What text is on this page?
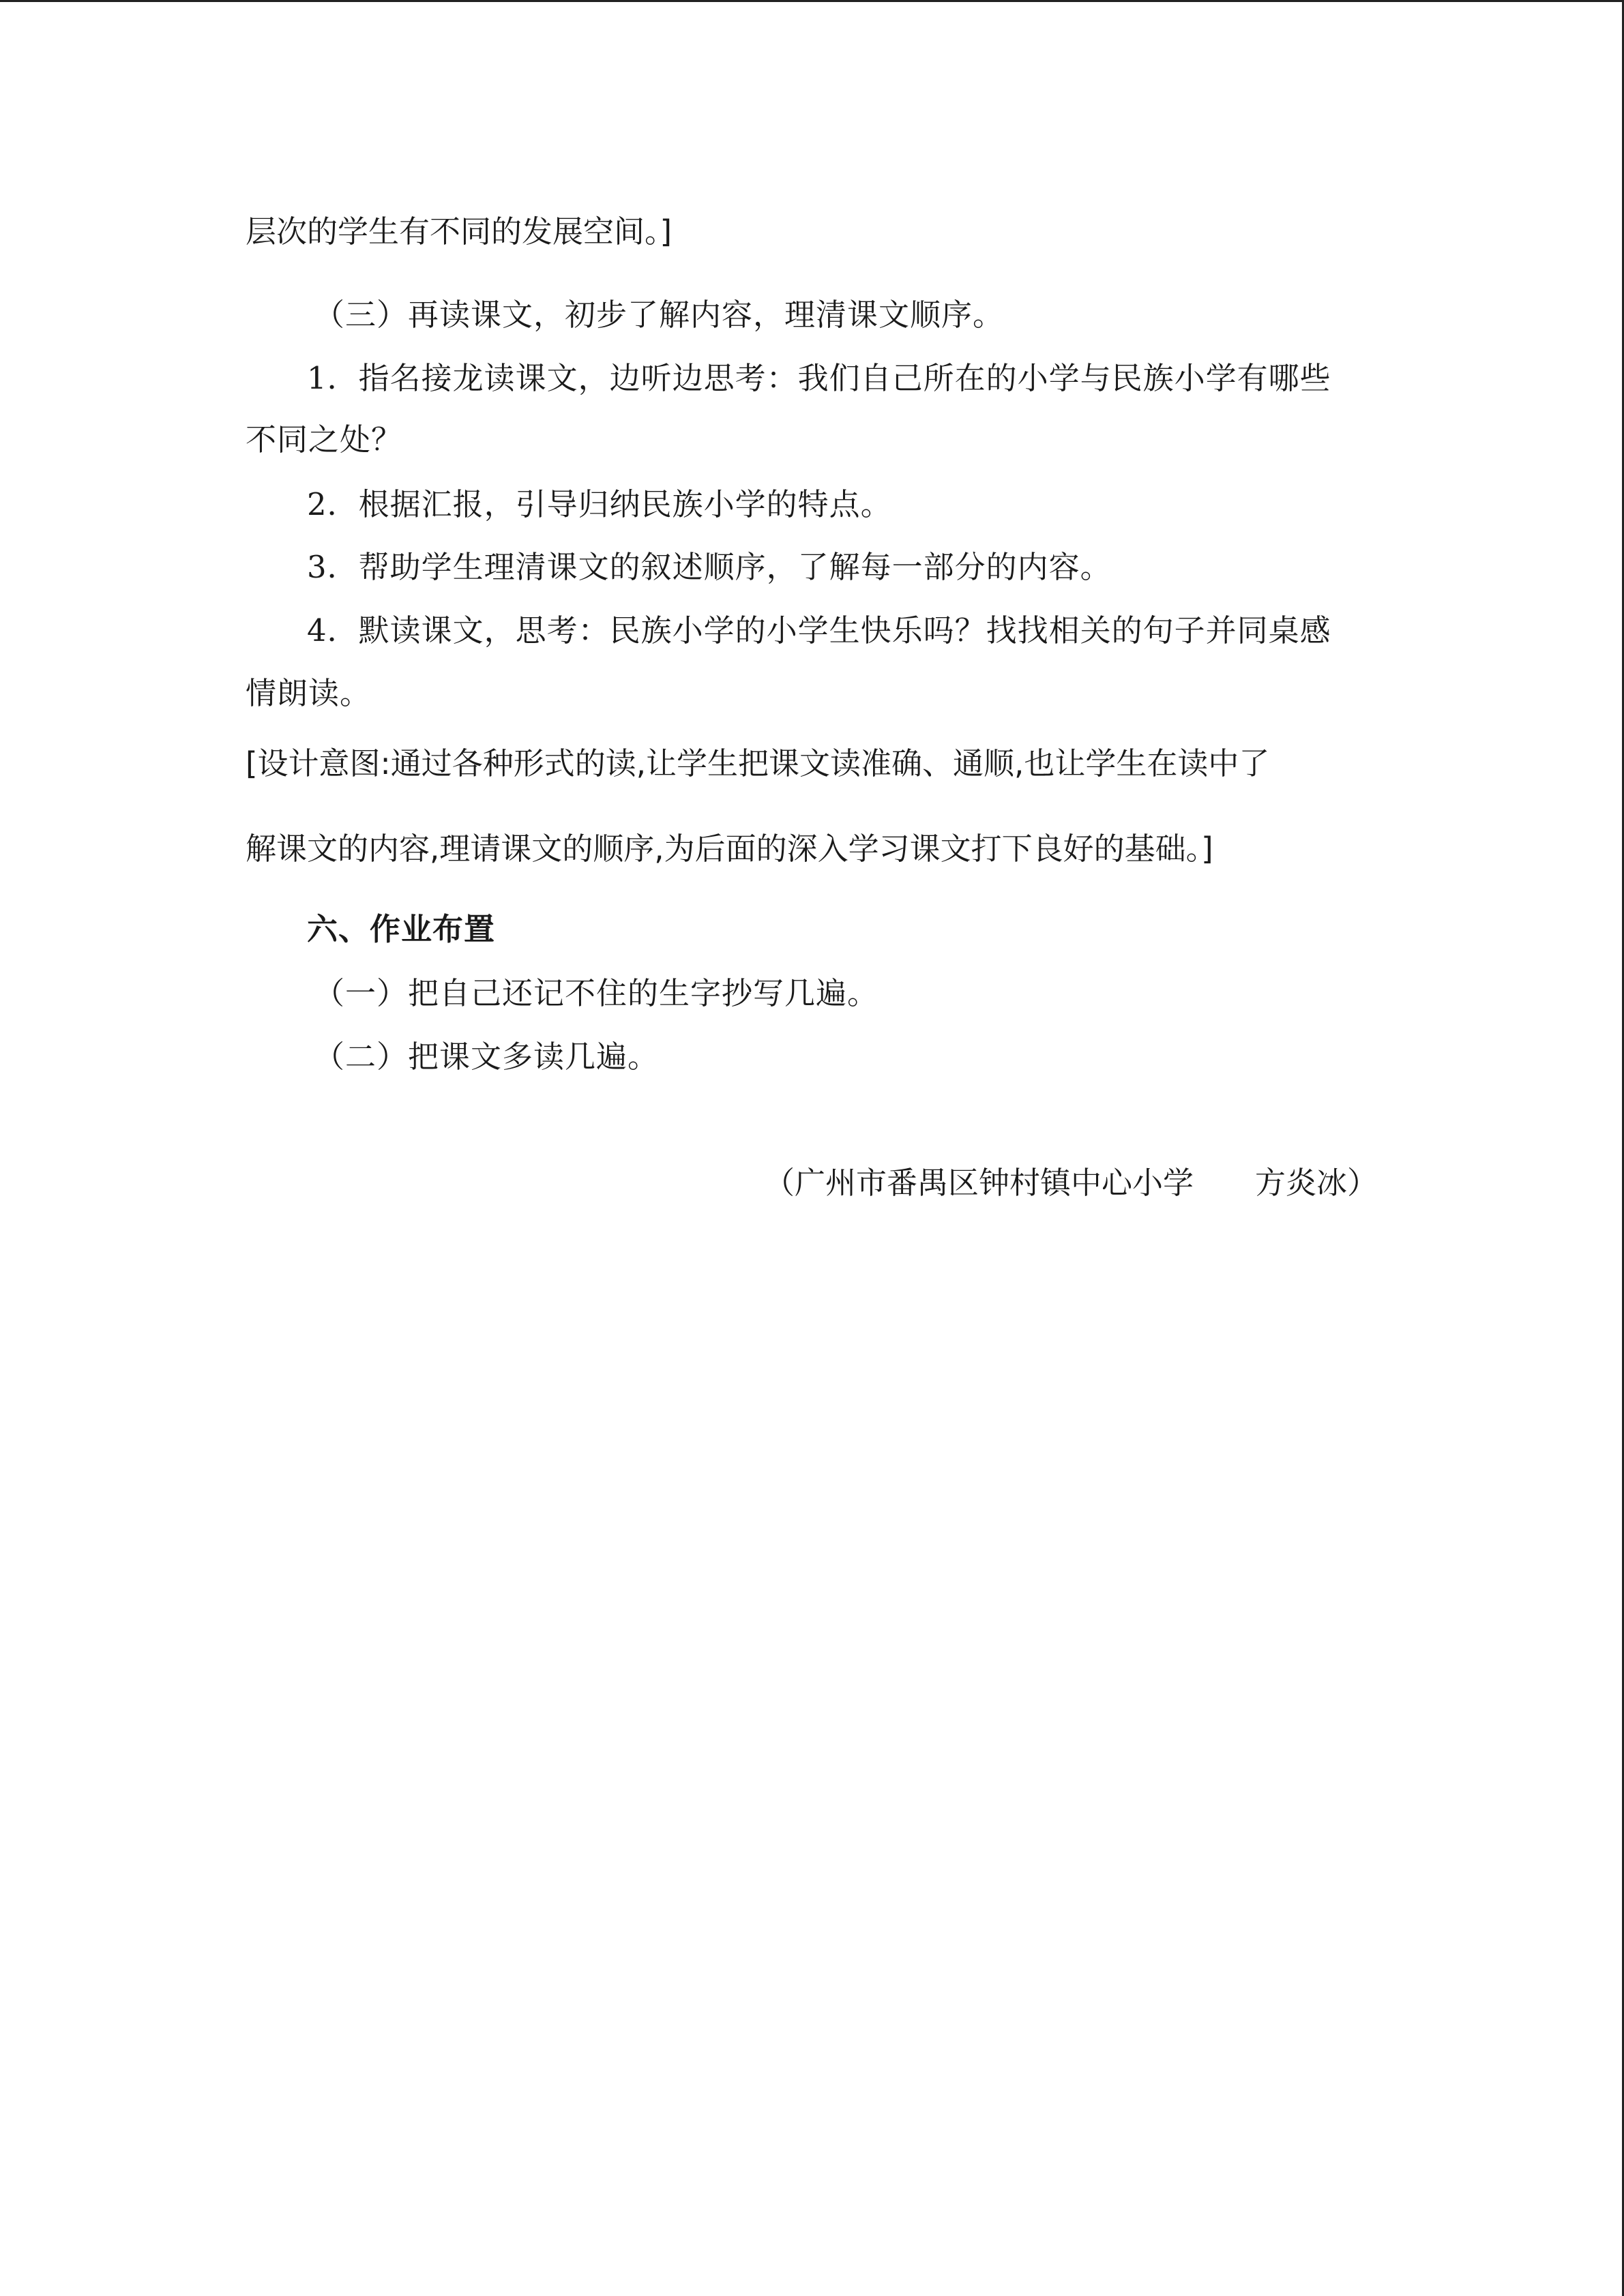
层次的学生有不同的发展空间。]
（三）再读课文，初步了解内容，理清课文顺序。
1．指名接龙读课文，边听边思考：我们自己所在的小学与民族小学有哪些
不同之处？
2．根据汇报，引导归纳民族小学的特点。
3．帮助学生理清课文的叙述顺序，了解每一部分的内容。
4．默读课文，思考：民族小学的小学生快乐吗？找找相关的句子并同桌感
情朗读。
[设计意图:通过各种形式的读,让学生把课文读准确、通顺,也让学生在读中了
解课文的内容,理请课文的顺序,为后面的深入学习课文打下良好的基础。]
六、作业布置
（一）把自己还记不住的生字抄写几遍。
（二）把课文多读几遍。
（广州市番禺区钟村镇中心小学　　方炎冰）
